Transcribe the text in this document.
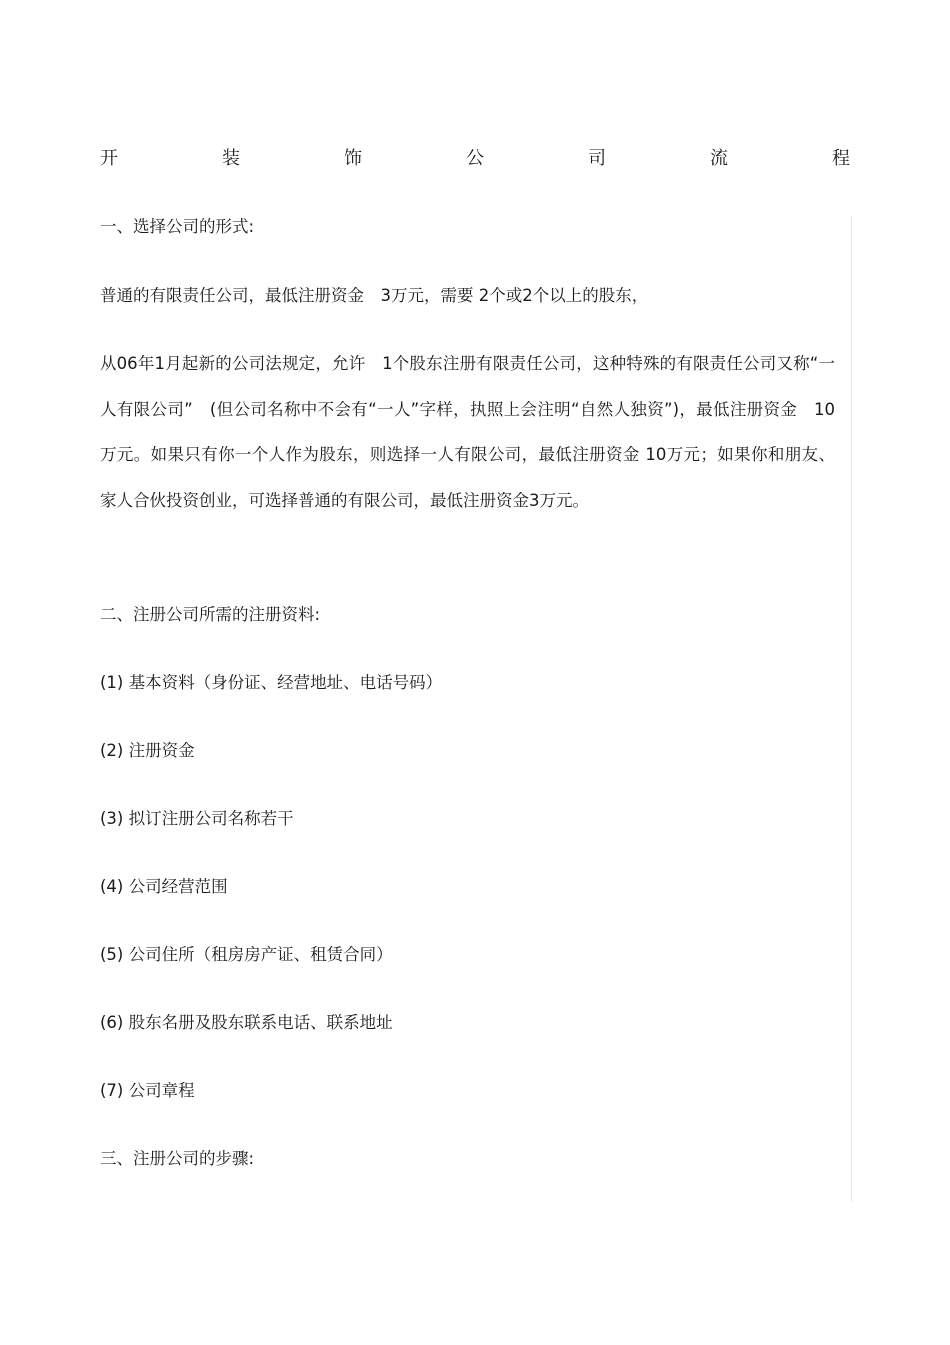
开	装	饰	公	司	流	程
一、选择公司的形式:
普通的有限责任公司，最低注册资金　3万元，需要 2个或2个以上的股东，
从06年1月起新的公司法规定，允许　1个股东注册有限责任公司，这种特殊的有限责任公司又称“一人有限公司”　(但公司名称中不会有“一人”字样，执照上会注明“自然人独资”)，最低注册资金　10万元。如果只有你一个人作为股东，则选择一人有限公司，最低注册资金 10万元；如果你和朋友、家人合伙投资创业，可选择普通的有限公司，最低注册资金3万元。
二、注册公司所需的注册资料:
(1) 基本资料（身份证、经营地址、电话号码）
(2) 注册资金
(3) 拟订注册公司名称若干
(4) 公司经营范围
(5) 公司住所（租房房产证、租赁合同）
(6) 股东名册及股东联系电话、联系地址
(7) 公司章程
三、注册公司的步骤:
